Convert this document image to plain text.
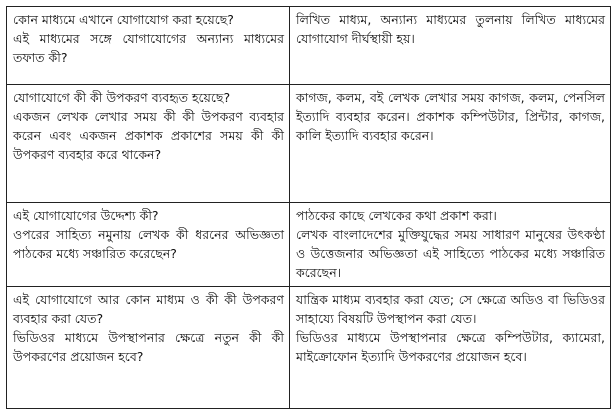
কোন মাধ্যমে এখানে যোগাযোগ করা হয়েছে?
এই মাধ্যমের সঙ্গে যোগাযোগের অন্যান্য মাধ্যমের তফাত কী?	লিখিত মাধ্যম, অন্যান্য মাধ্যমের তুলনায় লিখিত মাধ্যমের যোগাযোগ দীর্ঘস্থায়ী হয়।

যোগাযোগে কী কী উপকরণ ব্যবহৃত হয়েছে?
একজন লেখক লেখার সময় কী কী উপকরণ ব্যবহার করেন এবং একজন প্রকাশক প্রকাশের সময় কী কী উপকরণ ব্যবহার করে থাকেন?	কাগজ, কলম, বই লেখক লেখার সময় কাগজ, কলম, পেনসিল ইত্যাদি ব্যবহার করেন। প্রকাশক কম্পিউটার, প্রিন্টার, কাগজ, কালি ইত্যাদি ব্যবহার করেন।

এই যোগাযোগের উদ্দেশ্য কী?
ওপরের সাহিত্য নমুনায় লেখক কী ধরনের অভিজ্ঞতা পাঠকের মধ্যে সঞ্চারিত করেছেন?	পাঠকের কাছে লেখকের কথা প্রকাশ করা।
লেখক বাংলাদেশের মুক্তিযুদ্ধের সময় সাধারণ মানুষের উৎকণ্ঠা ও উত্তেজনার অভিজ্ঞতা এই সাহিত্যে পাঠকের মধ্যে সঞ্চারিত করেছেন।

এই যোগাযোগে আর কোন মাধ্যম ও কী কী উপকরণ ব্যবহার করা যেত?
ভিডিওর মাধ্যমে উপস্থাপনার ক্ষেত্রে নতুন কী কী উপকরণের প্রয়োজন হবে?	যান্ত্রিক মাধ্যম ব্যবহার করা যেত; সে ক্ষেত্রে অডিও বা ভিডিওর সাহায্যে বিষয়টি উপস্থাপন করা যেত।
ভিডিওর মাধ্যমে উপস্থাপনার ক্ষেত্রে কম্পিউটার, ক্যামেরা, মাইক্রোফোন ইত্যাদি উপকরণের প্রয়োজন হবে।
